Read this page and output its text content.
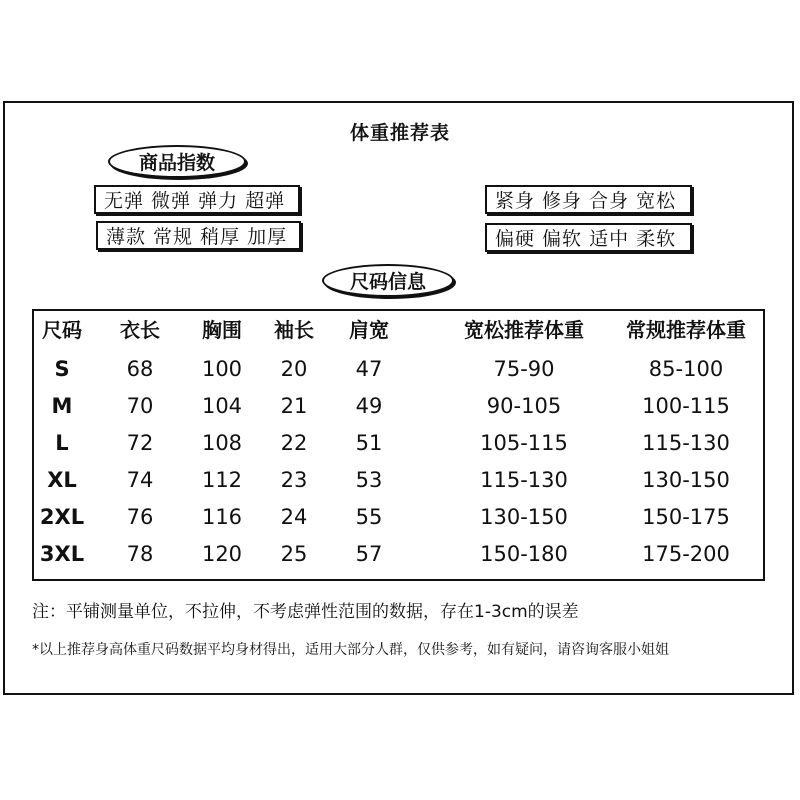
体重推荐表
商品指数
无弹 微弹 弹力 超弹
薄款 常规 稍厚 加厚
紧身 修身 合身 宽松
偏硬 偏软 适中 柔软
尺码信息
尺码	衣长	胸围	袖长	肩宽	宽松推荐体重	常规推荐体重
S	68	100	20	47	75-90	85-100
M	70	104	21	49	90-105	100-115
L	72	108	22	51	105-115	115-130
XL	74	112	23	53	115-130	130-150
2XL	76	116	24	55	130-150	150-175
3XL	78	120	25	57	150-180	175-200
注：平铺测量单位，不拉伸，不考虑弹性范围的数据，存在1-3cm的误差
*以上推荐身高体重尺码数据平均身材得出，适用大部分人群，仅供参考，如有疑问，请咨询客服小姐姐
